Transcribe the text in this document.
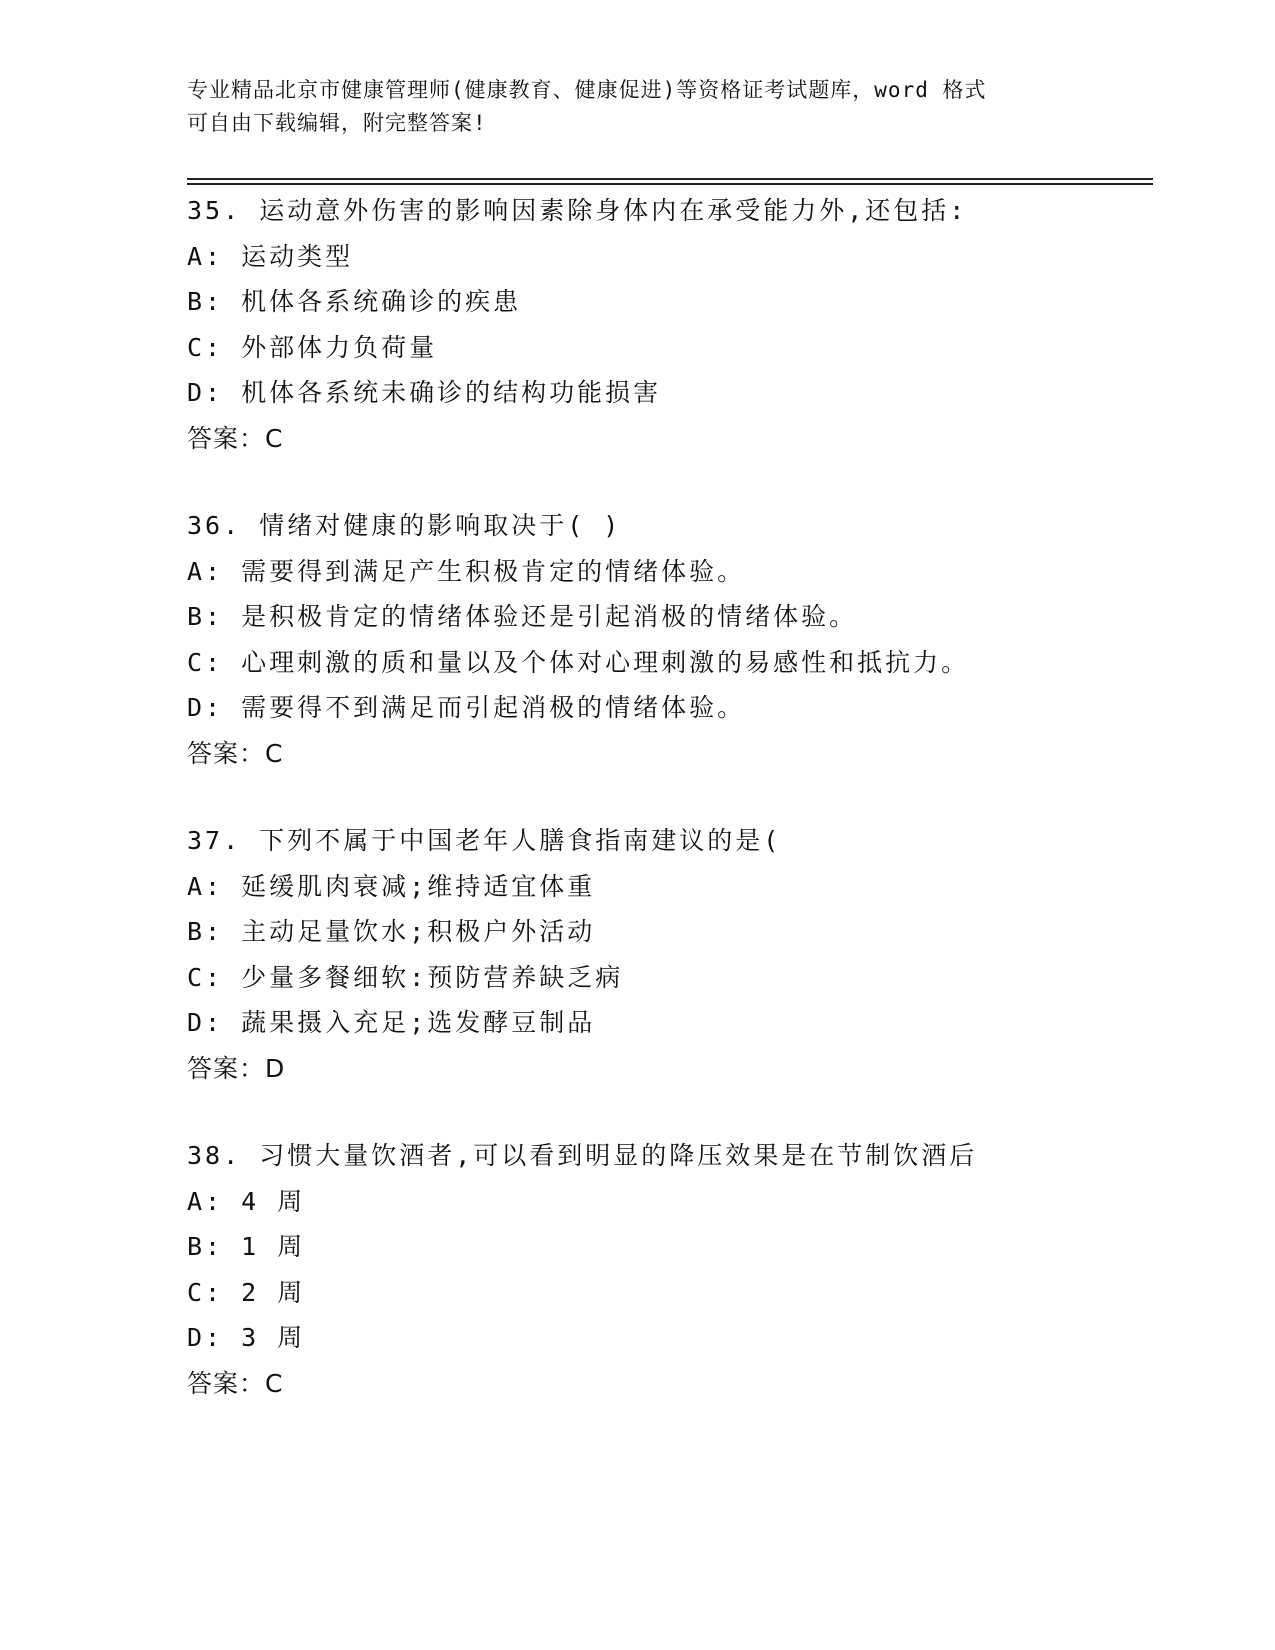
专业精品北京市健康管理师(健康教育、健康促进)等资格证考试题库，word 格式
可自由下载编辑，附完整答案!
35. 运动意外伤害的影响因素除身体内在承受能力外,还包括:
A: 运动类型
B: 机体各系统确诊的疾患
C: 外部体力负荷量
D: 机体各系统未确诊的结构功能损害
答案：C
36. 情绪对健康的影响取决于( )
A: 需要得到满足产生积极肯定的情绪体验。
B: 是积极肯定的情绪体验还是引起消极的情绪体验。
C: 心理刺激的质和量以及个体对心理刺激的易感性和抵抗力。
D: 需要得不到满足而引起消极的情绪体验。
答案：C
37. 下列不属于中国老年人膳食指南建议的是(
A: 延缓肌肉衰减;维持适宜体重
B: 主动足量饮水;积极户外活动
C: 少量多餐细软:预防营养缺乏病
D: 蔬果摄入充足;选发酵豆制品
答案：D
38. 习惯大量饮酒者,可以看到明显的降压效果是在节制饮酒后
A: 4 周
B: 1 周
C: 2 周
D: 3 周
答案：C
